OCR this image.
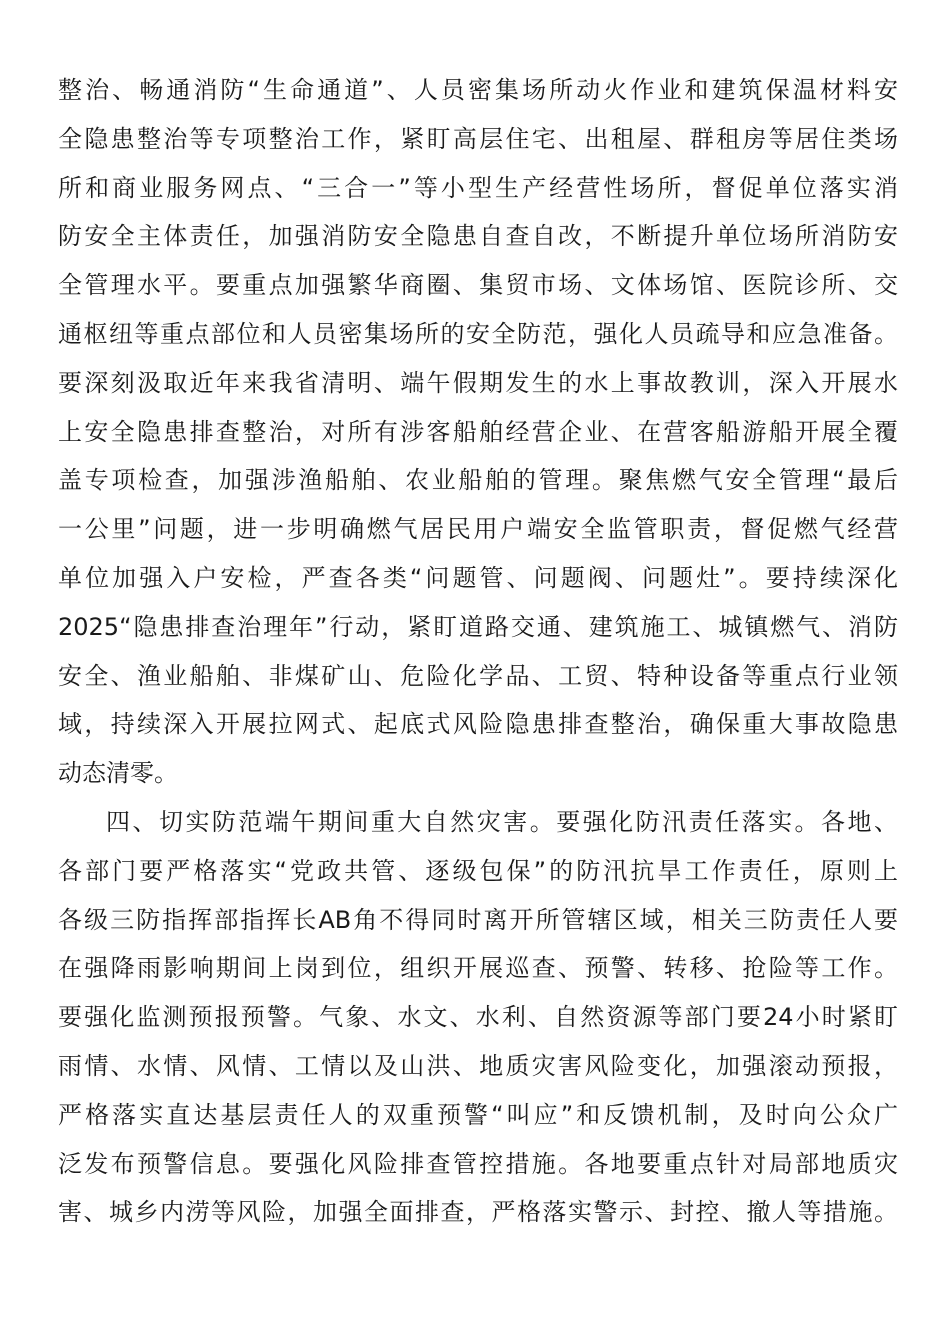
整治、畅通消防“生命通道”、人员密集场所动火作业和建筑保温材料安
全隐患整治等专项整治工作，紧盯高层住宅、出租屋、群租房等居住类场
所和商业服务网点、“三合一”等小型生产经营性场所，督促单位落实消
防安全主体责任，加强消防安全隐患自查自改，不断提升单位场所消防安
全管理水平。要重点加强繁华商圈、集贸市场、文体场馆、医院诊所、交
通枢纽等重点部位和人员密集场所的安全防范，强化人员疏导和应急准备。
要深刻汲取近年来我省清明、端午假期发生的水上事故教训，深入开展水
上安全隐患排查整治，对所有涉客船舶经营企业、在营客船游船开展全覆
盖专项检查，加强涉渔船舶、农业船舶的管理。聚焦燃气安全管理“最后
一公里”问题，进一步明确燃气居民用户端安全监管职责，督促燃气经营
单位加强入户安检，严查各类“问题管、问题阀、问题灶”。要持续深化
2025“隐患排查治理年”行动，紧盯道路交通、建筑施工、城镇燃气、消防
安全、渔业船舶、非煤矿山、危险化学品、工贸、特种设备等重点行业领
域，持续深入开展拉网式、起底式风险隐患排查整治，确保重大事故隐患
动态清零。
四、切实防范端午期间重大自然灾害。要强化防汛责任落实。各地、
各部门要严格落实“党政共管、逐级包保”的防汛抗旱工作责任，原则上
各级三防指挥部指挥长AB角不得同时离开所管辖区域，相关三防责任人要
在强降雨影响期间上岗到位，组织开展巡查、预警、转移、抢险等工作。
要强化监测预报预警。气象、水文、水利、自然资源等部门要24小时紧盯
雨情、水情、风情、工情以及山洪、地质灾害风险变化，加强滚动预报，
严格落实直达基层责任人的双重预警“叫应”和反馈机制，及时向公众广
泛发布预警信息。要强化风险排查管控措施。各地要重点针对局部地质灾
害、城乡内涝等风险，加强全面排查，严格落实警示、封控、撤人等措施。
